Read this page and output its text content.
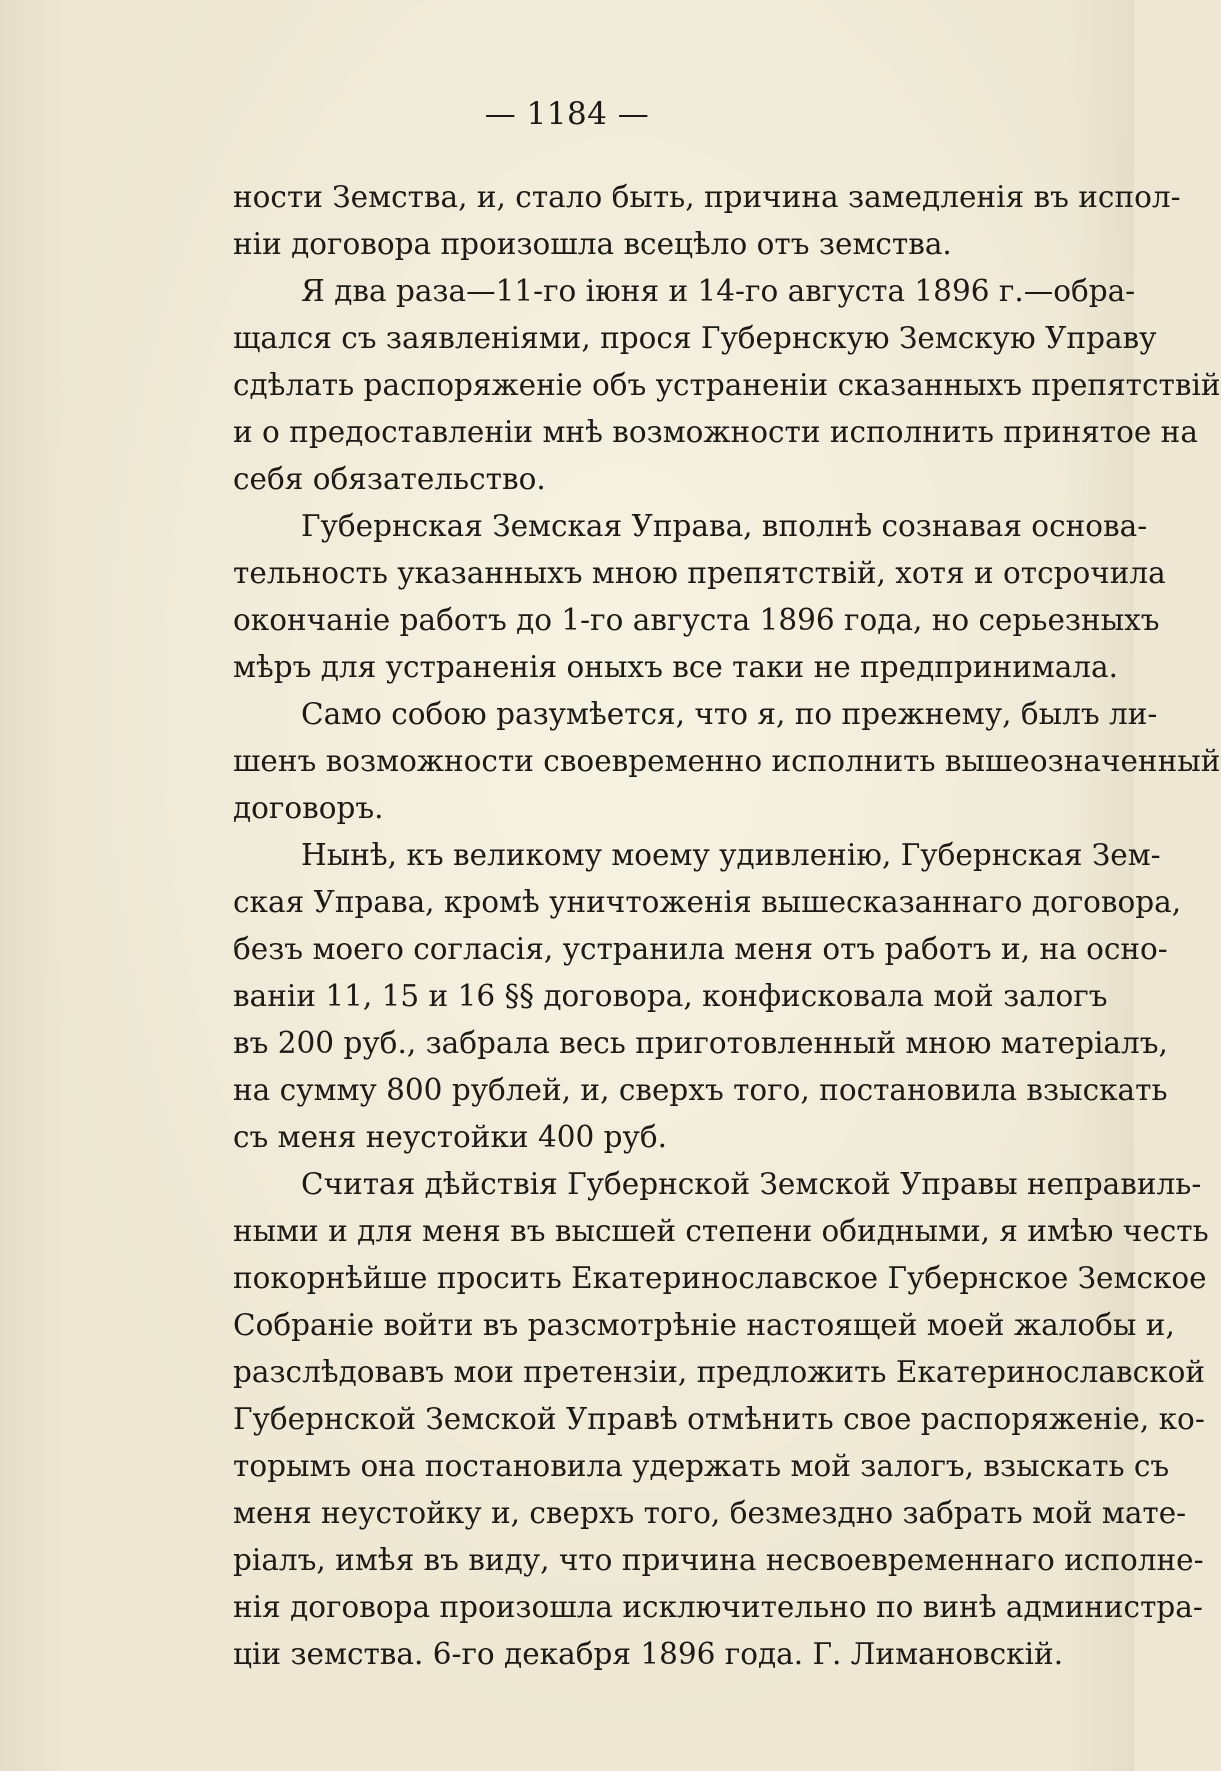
— 1184 —
ности Земства, и, стало быть, причина замедленія въ испол-
ніи договора произошла всецѣло отъ земства.
Я два раза—11-го іюня и 14-го августа 1896 г.—обра-
щался съ заявленіями, прося Губернскую Земскую Управу
сдѣлать распоряженіе объ устраненіи сказанныхъ препятствій
и о предоставленіи мнѣ возможности исполнить принятое на
себя обязательство.
Губернская Земская Управа, вполнѣ сознавая основа-
тельность указанныхъ мною препятствій, хотя и отсрочила
окончаніе работъ до 1-го августа 1896 года, но серьезныхъ
мѣръ для устраненія оныхъ все таки не предпринимала.
Само собою разумѣется, что я, по прежнему, былъ ли-
шенъ возможности своевременно исполнить вышеозначенный
договоръ.
Нынѣ, къ великому моему удивленію, Губернская Зем-
ская Управа, кромѣ уничтоженія вышесказаннаго договора,
безъ моего согласія, устранила меня отъ работъ и, на осно-
ваніи 11, 15 и 16 §§ договора, конфисковала мой залогъ
въ 200 руб., забрала весь приготовленный мною матеріалъ,
на сумму 800 рублей, и, сверхъ того, постановила взыскать
съ меня неустойки 400 руб.
Считая дѣйствія Губернской Земской Управы неправиль-
ными и для меня въ высшей степени обидными, я имѣю честь
покорнѣйше просить Екатеринославское Губернское Земское
Собраніе войти въ разсмотрѣніе настоящей моей жалобы и,
разслѣдовавъ мои претензіи, предложить Екатеринославской
Губернской Земской Управѣ отмѣнить свое распоряженіе, ко-
торымъ она постановила удержать мой залогъ, взыскать съ
меня неустойку и, сверхъ того, безмездно забрать мой мате-
ріалъ, имѣя въ виду, что причина несвоевременнаго исполне-
нія договора произошла исключительно по винѣ администра-
ціи земства. 6-го декабря 1896 года. Г. Лимановскій.
